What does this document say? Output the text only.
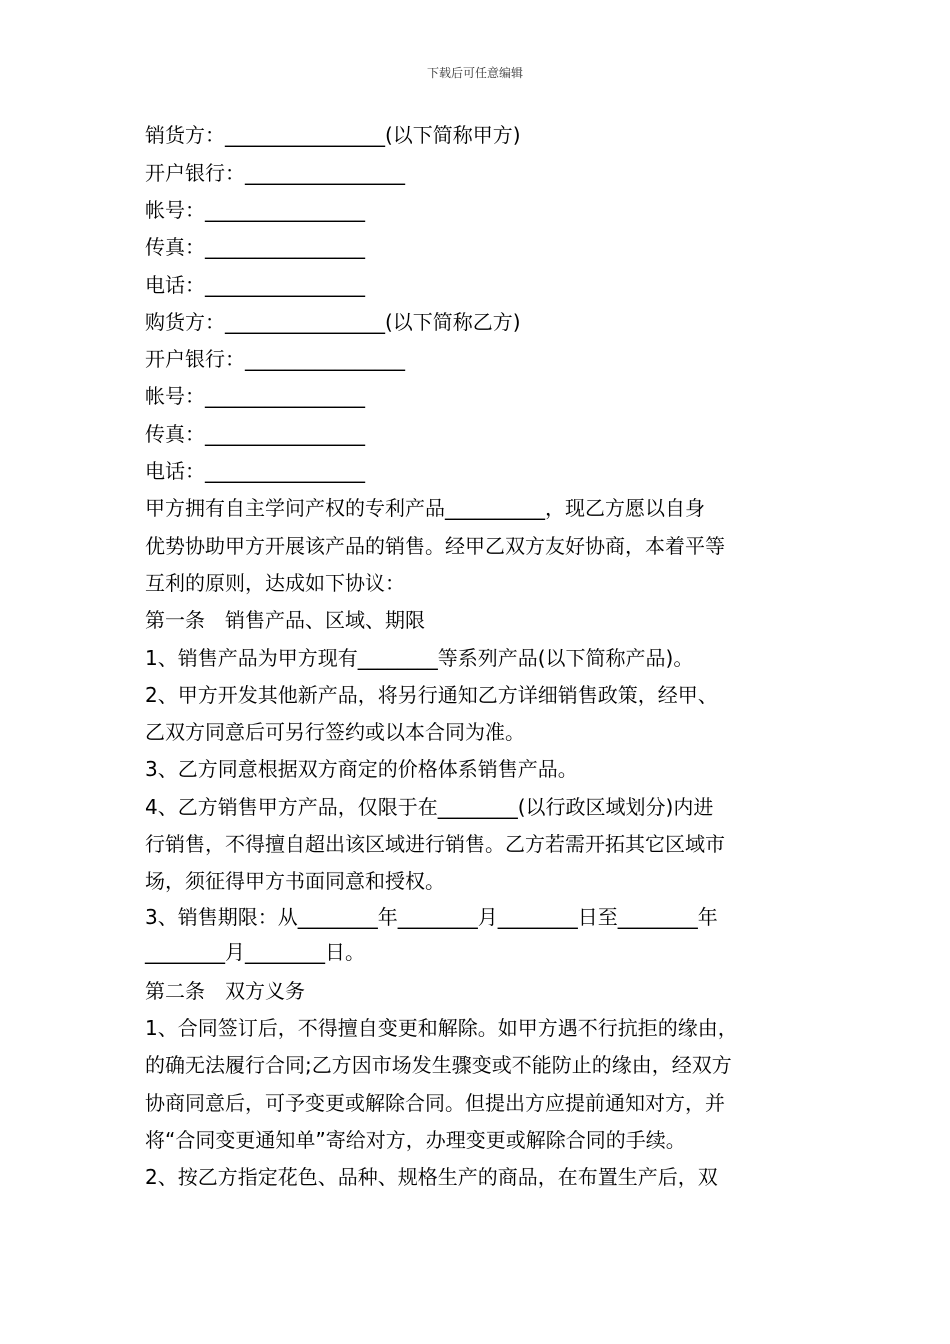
下载后可任意编辑
销货方：________________(以下简称甲方)
开户银行：________________
帐号：________________
传真：________________
电话：________________
购货方：________________(以下简称乙方)
开户银行：________________
帐号：________________
传真：________________
电话：________________
甲方拥有自主学问产权的专利产品__________，现乙方愿以自身
优势协助甲方开展该产品的销售。经甲乙双方友好协商，本着平等
互利的原则，达成如下协议：
第一条　销售产品、区域、期限
1、销售产品为甲方现有________等系列产品(以下简称产品)。
2、甲方开发其他新产品，将另行通知乙方详细销售政策，经甲、
乙双方同意后可另行签约或以本合同为准。
3、乙方同意根据双方商定的价格体系销售产品。
4、乙方销售甲方产品，仅限于在________(以行政区域划分)内进
行销售，不得擅自超出该区域进行销售。乙方若需开拓其它区域市
场，须征得甲方书面同意和授权。
3、销售期限：从________年________月________日至________年
________月________日。
第二条　双方义务
1、合同签订后，不得擅自变更和解除。如甲方遇不行抗拒的缘由，
的确无法履行合同;乙方因市场发生骤变或不能防止的缘由，经双方
协商同意后，可予变更或解除合同。但提出方应提前通知对方，并
将“合同变更通知单”寄给对方，办理变更或解除合同的手续。
2、按乙方指定花色、品种、规格生产的商品，在布置生产后，双
